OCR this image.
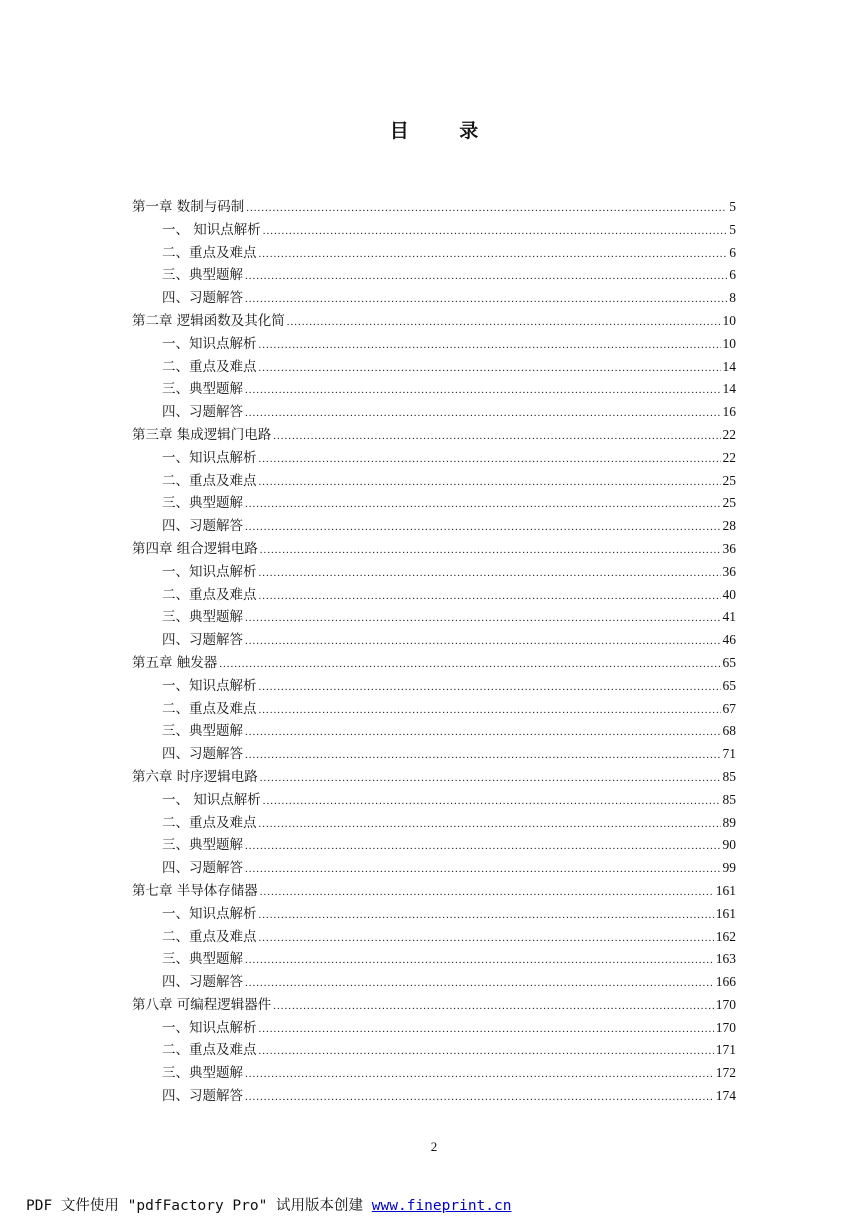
目 录
第一章 数制与码制 .....	5
一、 知识点解析 .....	5
二、重点及难点 .....	6
三、典型题解 .....	6
四、习题解答 .....	8
第二章 逻辑函数及其化简 .....	10
一、知识点解析 .....	10
二、重点及难点 .....	14
三、典型题解 .....	14
四、习题解答 .....	16
第三章 集成逻辑门电路 .....	22
一、知识点解析 .....	22
二、重点及难点 .....	25
三、典型题解 .....	25
四、习题解答 .....	28
第四章 组合逻辑电路 .....	36
一、知识点解析 .....	36
二、重点及难点 .....	40
三、典型题解 .....	41
四、习题解答 .....	46
第五章 触发器 .....	65
一、知识点解析 .....	65
二、重点及难点 .....	67
三、典型题解 .....	68
四、习题解答 .....	71
第六章 时序逻辑电路 .....	85
一、 知识点解析 .....	85
二、重点及难点 .....	89
三、典型题解 .....	90
四、习题解答 .....	99
第七章 半导体存储器 .....	161
一、知识点解析 .....	161
二、重点及难点 .....	162
三、典型题解 .....	163
四、习题解答 .....	166
第八章 可编程逻辑器件 .....	170
一、知识点解析 .....	170
二、重点及难点 .....	171
三、典型题解 .....	172
四、习题解答 .....	174
2
PDF 文件使用 "pdfFactory Pro" 试用版本创建 www.fineprint.cn
